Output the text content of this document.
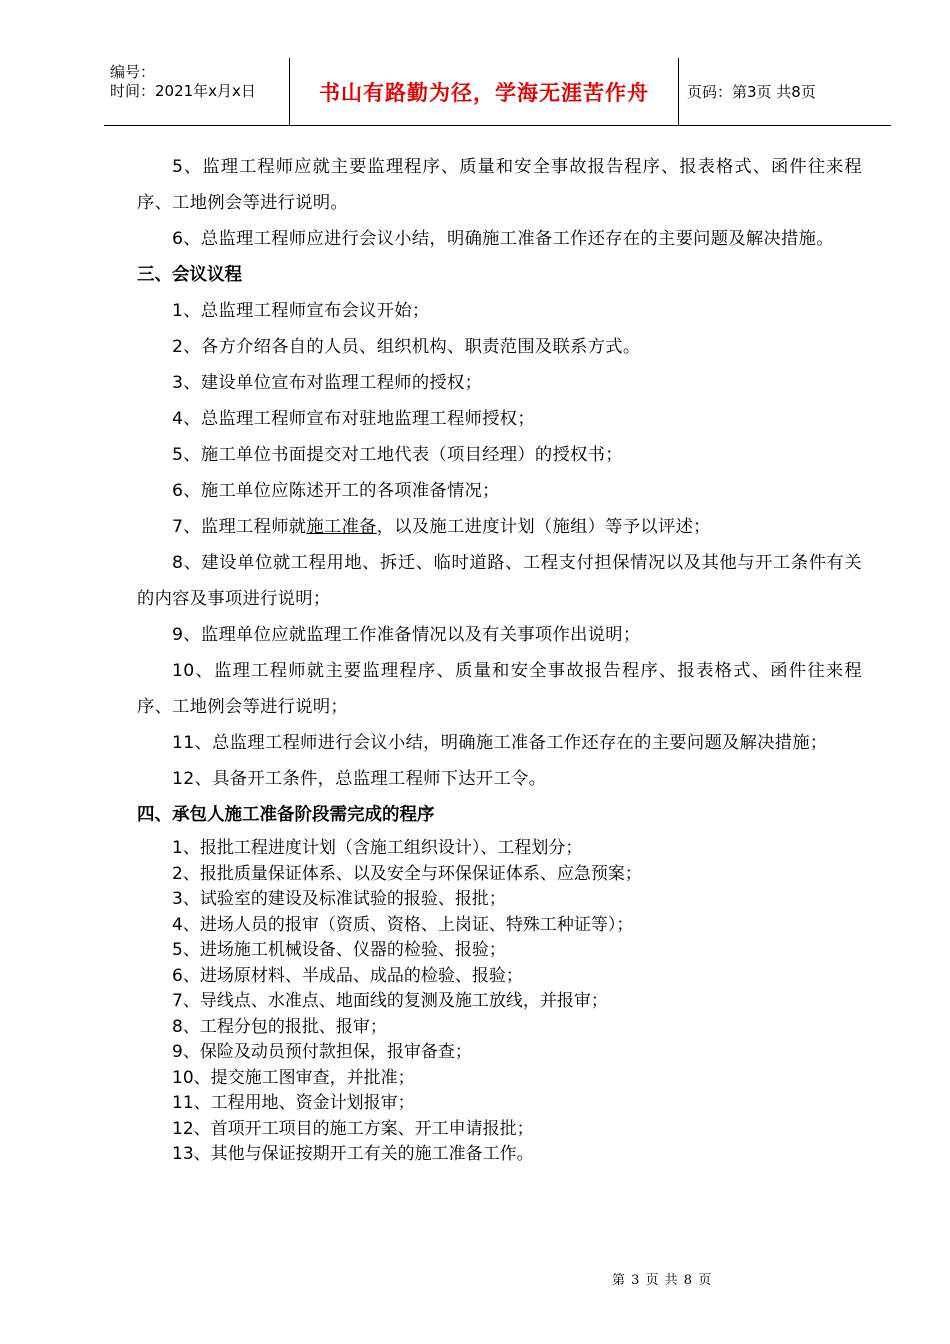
编号：
时间：2021年x月x日	书山有路勤为径，学海无涯苦作舟	页码：第3页 共8页

5、监理工程师应就主要监理程序、质量和安全事故报告程序、报表格式、函件往来程序、工地例会等进行说明。

6、总监理工程师应进行会议小结，明确施工准备工作还存在的主要问题及解决措施。

三、会议议程

1、总监理工程师宣布会议开始；

2、各方介绍各自的人员、组织机构、职责范围及联系方式。

3、建设单位宣布对监理工程师的授权；

4、总监理工程师宣布对驻地监理工程师授权；

5、施工单位书面提交对工地代表（项目经理）的授权书；

6、施工单位应陈述开工的各项准备情况；

7、监理工程师就施工准备，以及施工进度计划（施组）等予以评述；

8、建设单位就工程用地、拆迁、临时道路、工程支付担保情况以及其他与开工条件有关的内容及事项进行说明；

9、监理单位应就监理工作准备情况以及有关事项作出说明；

10、监理工程师就主要监理程序、质量和安全事故报告程序、报表格式、函件往来程序、工地例会等进行说明；

11、总监理工程师进行会议小结，明确施工准备工作还存在的主要问题及解决措施；

12、具备开工条件，总监理工程师下达开工令。

四、承包人施工准备阶段需完成的程序

1、报批工程进度计划（含施工组织设计）、工程划分；

2、报批质量保证体系、以及安全与环保保证体系、应急预案；

3、试验室的建设及标准试验的报验、报批；

4、进场人员的报审（资质、资格、上岗证、特殊工种证等）；

5、进场施工机械设备、仪器的检验、报验；

6、进场原材料、半成品、成品的检验、报验；

7、导线点、水准点、地面线的复测及施工放线，并报审；

8、工程分包的报批、报审；

9、保险及动员预付款担保，报审备查；

10、提交施工图审查，并批准；

11、工程用地、资金计划报审；

12、首项开工项目的施工方案、开工申请报批；

13、其他与保证按期开工有关的施工准备工作。

第 3 页 共 8 页
